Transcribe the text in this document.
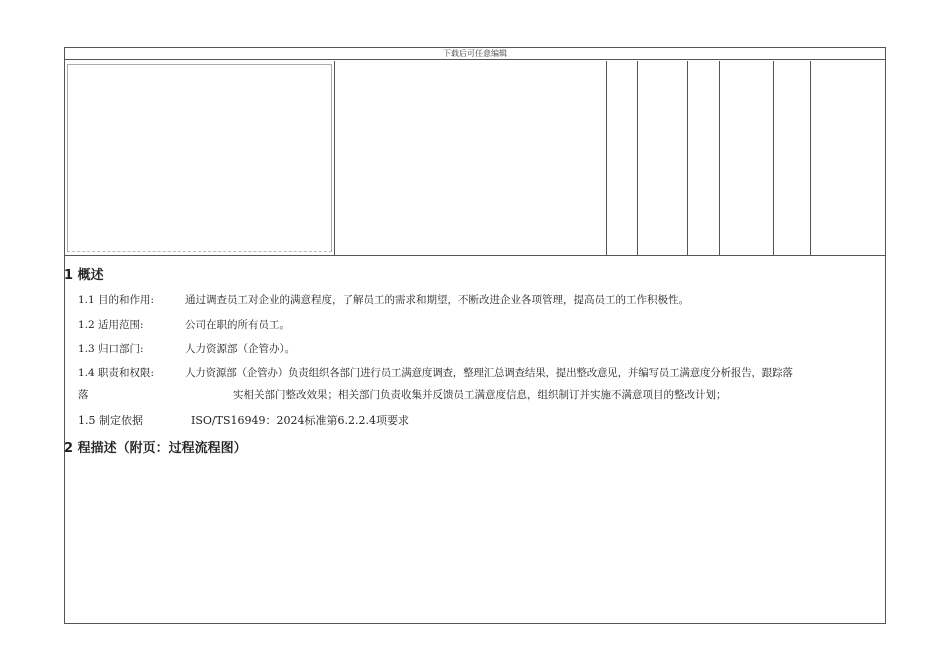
下载后可任意编辑
1 概述
1.1 目的和作用:	通过调查员工对企业的满意程度，了解员工的需求和期望，不断改进企业各项管理，提高员工的工作积极性。
1.2 适用范围:	公司在职的所有员工。
1.3 归口部门:	人力资源部（企管办）。
1.4 职责和权限:	人力资源部（企管办）负责组织各部门进行员工满意度调查，整理汇总调查结果，提出整改意见，并编写员工满意度分析报告，跟踪落
落	实相关部门整改效果；相关部门负责收集并反馈员工满意度信息，组织制订并实施不满意项目的整改计划；
1.5 制定依据	ISO/TS16949：2024标准第6.2.2.4项要求
2 程描述（附页：过程流程图）
